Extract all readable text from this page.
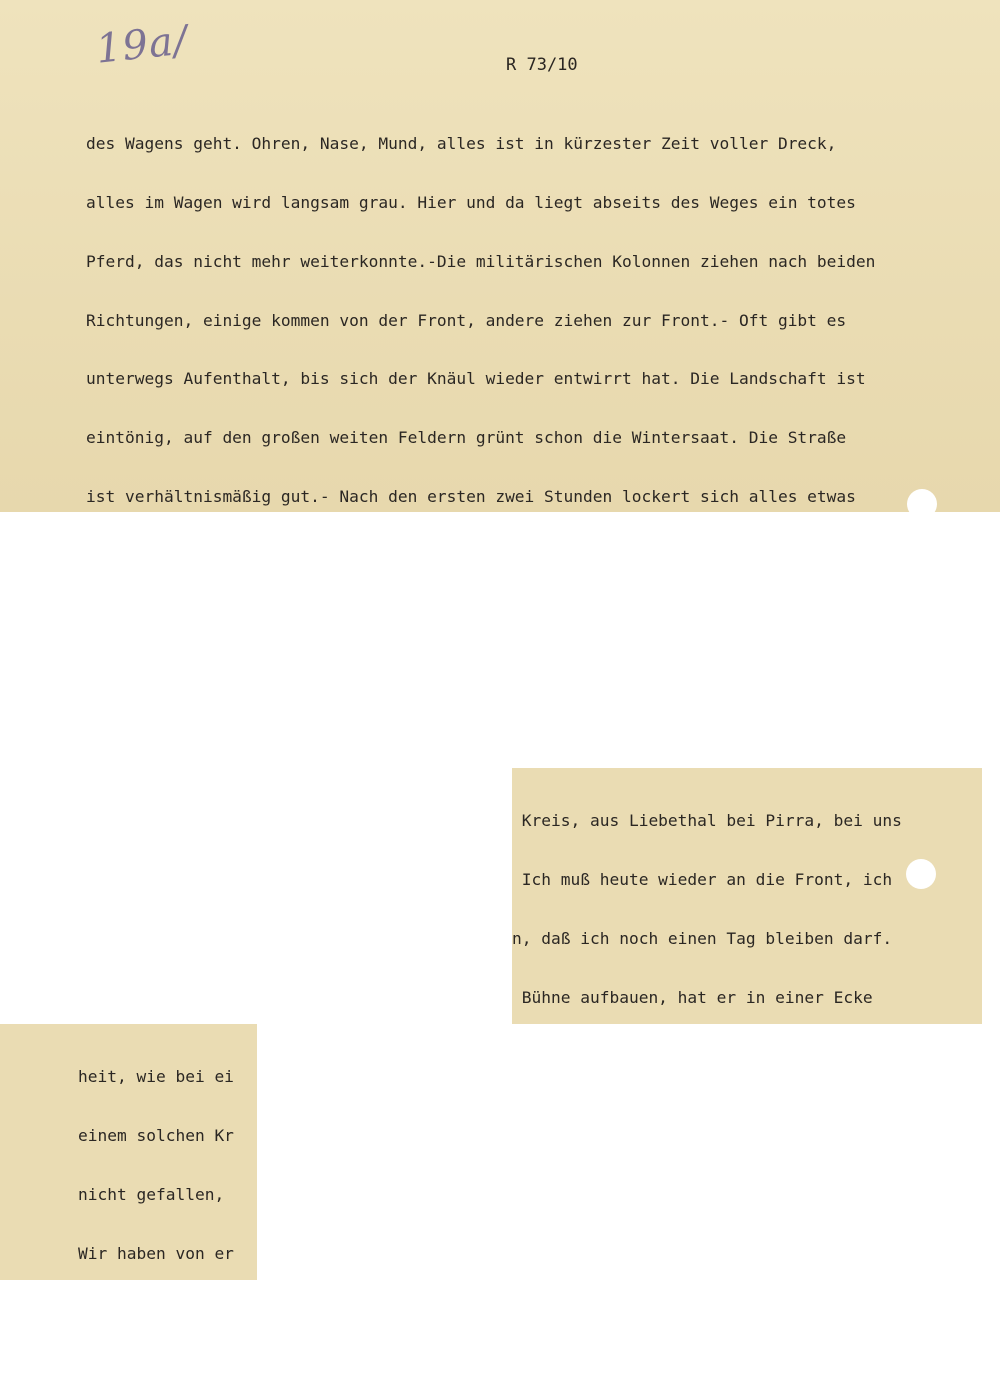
19a/	R 73/10

des Wagens geht. Ohren, Nase, Mund, alles ist in kürzester Zeit voller Dreck,

alles im Wagen wird langsam grau. Hier und da liegt abseits des Weges ein totes

Pferd, das nicht mehr weiterkonnte.-Die militärischen Kolonnen ziehen nach beiden

Richtungen, einige kommen von der Front, andere ziehen zur Front.- Oft gibt es

unterwegs Aufenthalt, bis sich der Knäul wieder entwirrt hat. Die Landschaft ist

eintönig, auf den großen weiten Feldern grünt schon die Wintersaat. Die Straße

ist verhältnismäßig gut.- Nach den ersten zwei Stunden lockert sich alles etwas

Kreis, aus Liebethal bei Pirra, bei uns

Ich muß heute wieder an die Front, ich

n, daß ich noch einen Tag bleiben darf.

Bühne aufbauen, hat er in einer Ecke

heit, wie bei ei

einem solchen Kr

nicht gefallen,

Wir haben von er
